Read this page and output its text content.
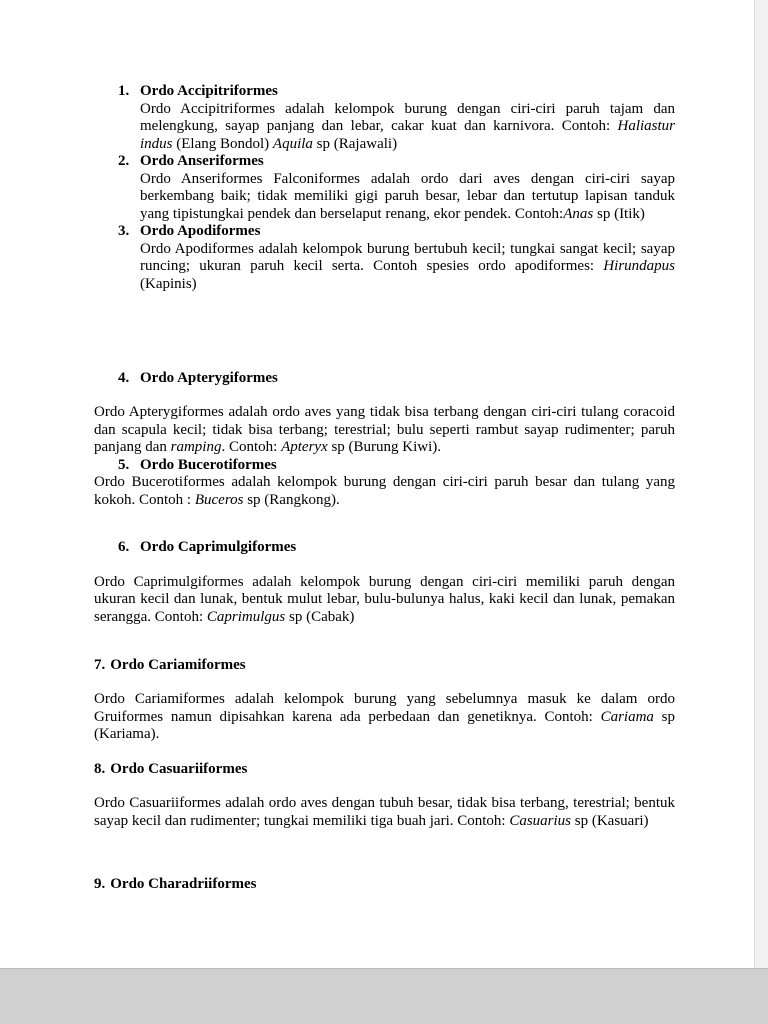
1. Ordo Accipitriformes

Ordo Accipitriformes adalah kelompok burung dengan ciri-ciri paruh tajam dan melengkung, sayap panjang dan lebar, cakar kuat dan karnivora. Contoh: Haliastur indus (Elang Bondol) Aquila sp (Rajawali)

2. Ordo Anseriformes

Ordo Anseriformes Falconiformes adalah ordo dari aves dengan ciri-ciri sayap berkembang baik; tidak memiliki gigi paruh besar, lebar dan tertutup lapisan tanduk yang tipistungkai pendek dan berselaput renang, ekor pendek. Contoh:Anas sp (Itik)

3. Ordo Apodiformes

Ordo Apodiformes adalah kelompok burung bertubuh kecil; tungkai sangat kecil; sayap runcing; ukuran paruh kecil serta. Contoh spesies ordo apodiformes: Hirundapus (Kapinis)

4. Ordo Apterygiformes

Ordo Apterygiformes adalah ordo aves yang tidak bisa terbang dengan ciri-ciri tulang coracoid dan scapula kecil; tidak bisa terbang; terestrial; bulu seperti rambut sayap rudimenter; paruh panjang dan ramping. Contoh: Apteryx sp (Burung Kiwi).

5. Ordo Bucerotiformes

Ordo Bucerotiformes adalah kelompok burung dengan ciri-ciri paruh besar dan tulang yang kokoh. Contoh : Buceros sp (Rangkong).

6. Ordo Caprimulgiformes

Ordo Caprimulgiformes adalah kelompok burung dengan ciri-ciri memiliki paruh dengan ukuran kecil dan lunak, bentuk mulut lebar, bulu-bulunya halus, kaki kecil dan lunak, pemakan serangga. Contoh: Caprimulgus sp (Cabak)

7. Ordo Cariamiformes

Ordo Cariamiformes adalah kelompok burung yang sebelumnya masuk ke dalam ordo Gruiformes namun dipisahkan karena ada perbedaan dan genetiknya. Contoh: Cariama sp (Kariama).

8. Ordo Casuariiformes

Ordo Casuariiformes adalah ordo aves dengan tubuh besar, tidak bisa terbang, terestrial; bentuk sayap kecil dan rudimenter; tungkai memiliki tiga buah jari. Contoh: Casuarius sp (Kasuari)

9. Ordo Charadriiformes
